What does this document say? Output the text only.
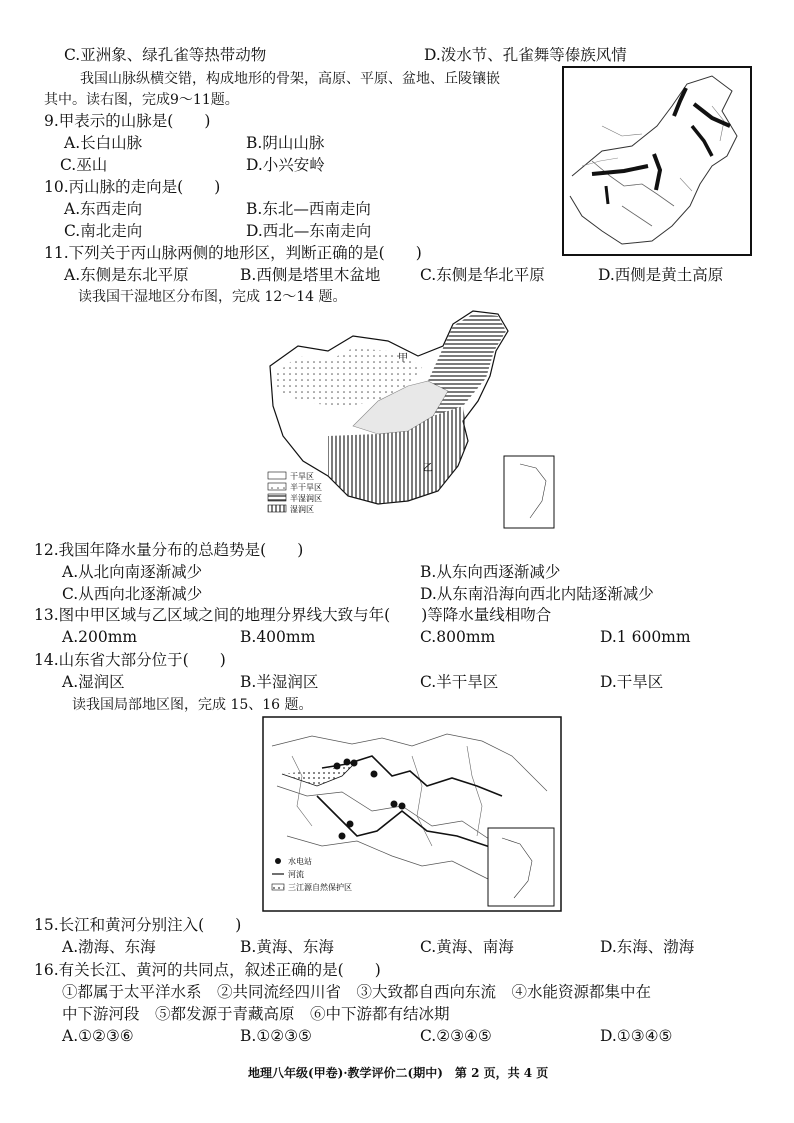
C.亚洲象、绿孔雀等热带动物	D.泼水节、孔雀舞等傣族风情
我国山脉纵横交错，构成地形的骨架，高原、平原、盆地、丘陵镶嵌
其中。读右图，完成9～11题。
9.甲表示的山脉是(　　)
A.长白山脉	B.阴山山脉
C.巫山	D.小兴安岭
10.丙山脉的走向是(　　)
A.东西走向	B.东北—西南走向
C.南北走向	D.西北—东南走向
11.下列关于丙山脉两侧的地形区，判断正确的是(　　)
A.东侧是东北平原	B.西侧是塔里木盆地	C.东侧是华北平原	D.西侧是黄土高原
读我国干湿地区分布图，完成 12～14 题。
甲
乙
干旱区
半干旱区
半湿润区
湿润区
12.我国年降水量分布的总趋势是(　　)
A.从北向南逐渐减少	B.从东向西逐渐减少
C.从西向北逐渐减少	D.从东南沿海向西北内陆逐渐减少
13.图中甲区域与乙区域之间的地理分界线大致与年(　　)等降水量线相吻合
A.200mm	B.400mm	C.800mm	D.1 600mm
14.山东省大部分位于(　　)
A.湿润区	B.半湿润区	C.半干旱区	D.干旱区
读我国局部地区图，完成 15、16 题。
水电站
河流
三江源自然保护区
15.长江和黄河分别注入(　　)
A.渤海、东海	B.黄海、东海	C.黄海、南海	D.东海、渤海
16.有关长江、黄河的共同点，叙述正确的是(　　)
①都属于太平洋水系　②共同流经四川省　③大致都自西向东流　④水能资源都集中在
中下游河段　⑤都发源于青藏高原　⑥中下游都有结冰期
A.①②③⑥	B.①②③⑤	C.②③④⑤	D.①③④⑤
地理八年级(甲卷)·教学评价二(期中)　第 2 页，共 4 页
